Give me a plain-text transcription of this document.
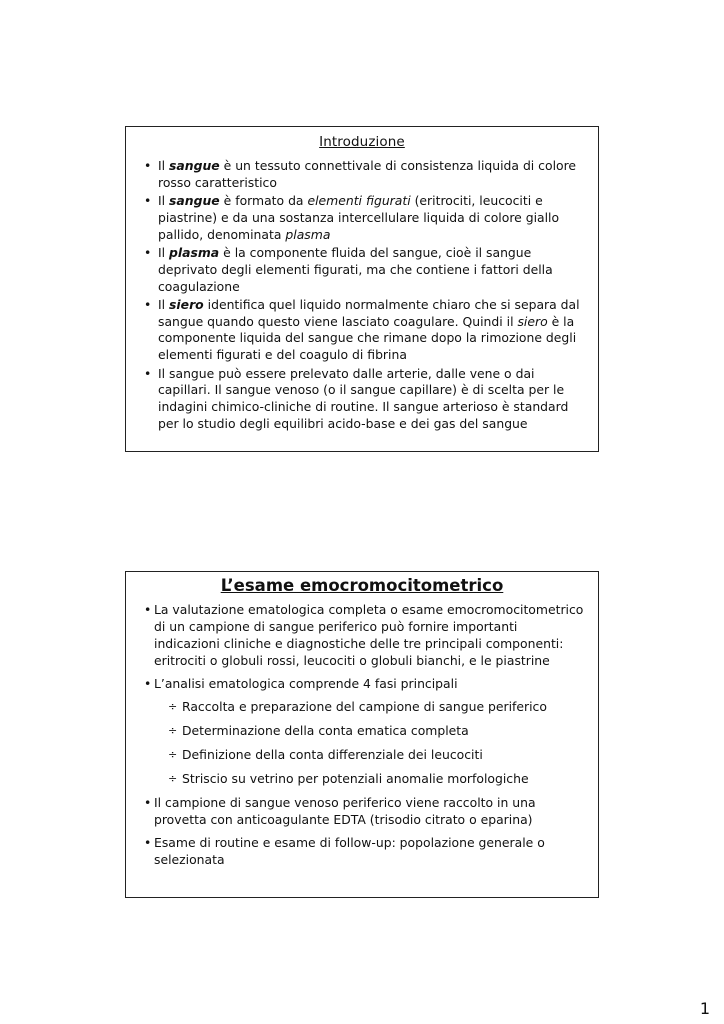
Introduzione
• Il sangue è un tessuto connettivale di consistenza liquida di colore rosso caratteristico
• Il sangue è formato da elementi figurati (eritrociti, leucociti e piastrine) e da una sostanza intercellulare liquida di colore giallo pallido, denominata plasma
• Il plasma è la componente fluida del sangue, cioè il sangue deprivato degli elementi figurati, ma che contiene i fattori della coagulazione
• Il siero identifica quel liquido normalmente chiaro che si separa dal sangue quando questo viene lasciato coagulare. Quindi il siero è la componente liquida del sangue che rimane dopo la rimozione degli elementi figurati e del coagulo di fibrina
• Il sangue può essere prelevato dalle arterie, dalle vene o dai capillari. Il sangue venoso (o il sangue capillare) è di scelta per le indagini chimico-cliniche di routine. Il sangue arterioso è standard per lo studio degli equilibri acido-base e dei gas del sangue
L’esame emocromocitometrico
• La valutazione ematologica completa o esame emocromocitometrico di un campione di sangue periferico può fornire importanti indicazioni cliniche e diagnostiche delle tre principali componenti: eritrociti o globuli rossi, leucociti o globuli bianchi, e le piastrine
• L’analisi ematologica comprende 4 fasi principali
÷ Raccolta e preparazione del campione di sangue periferico
÷ Determinazione della conta ematica completa
÷ Definizione della conta differenziale dei leucociti
÷ Striscio su vetrino per potenziali anomalie morfologiche
• Il campione di sangue venoso periferico viene raccolto in una provetta con anticoagulante EDTA (trisodio citrato o eparina)
• Esame di routine e esame di follow-up: popolazione generale o selezionata
1
